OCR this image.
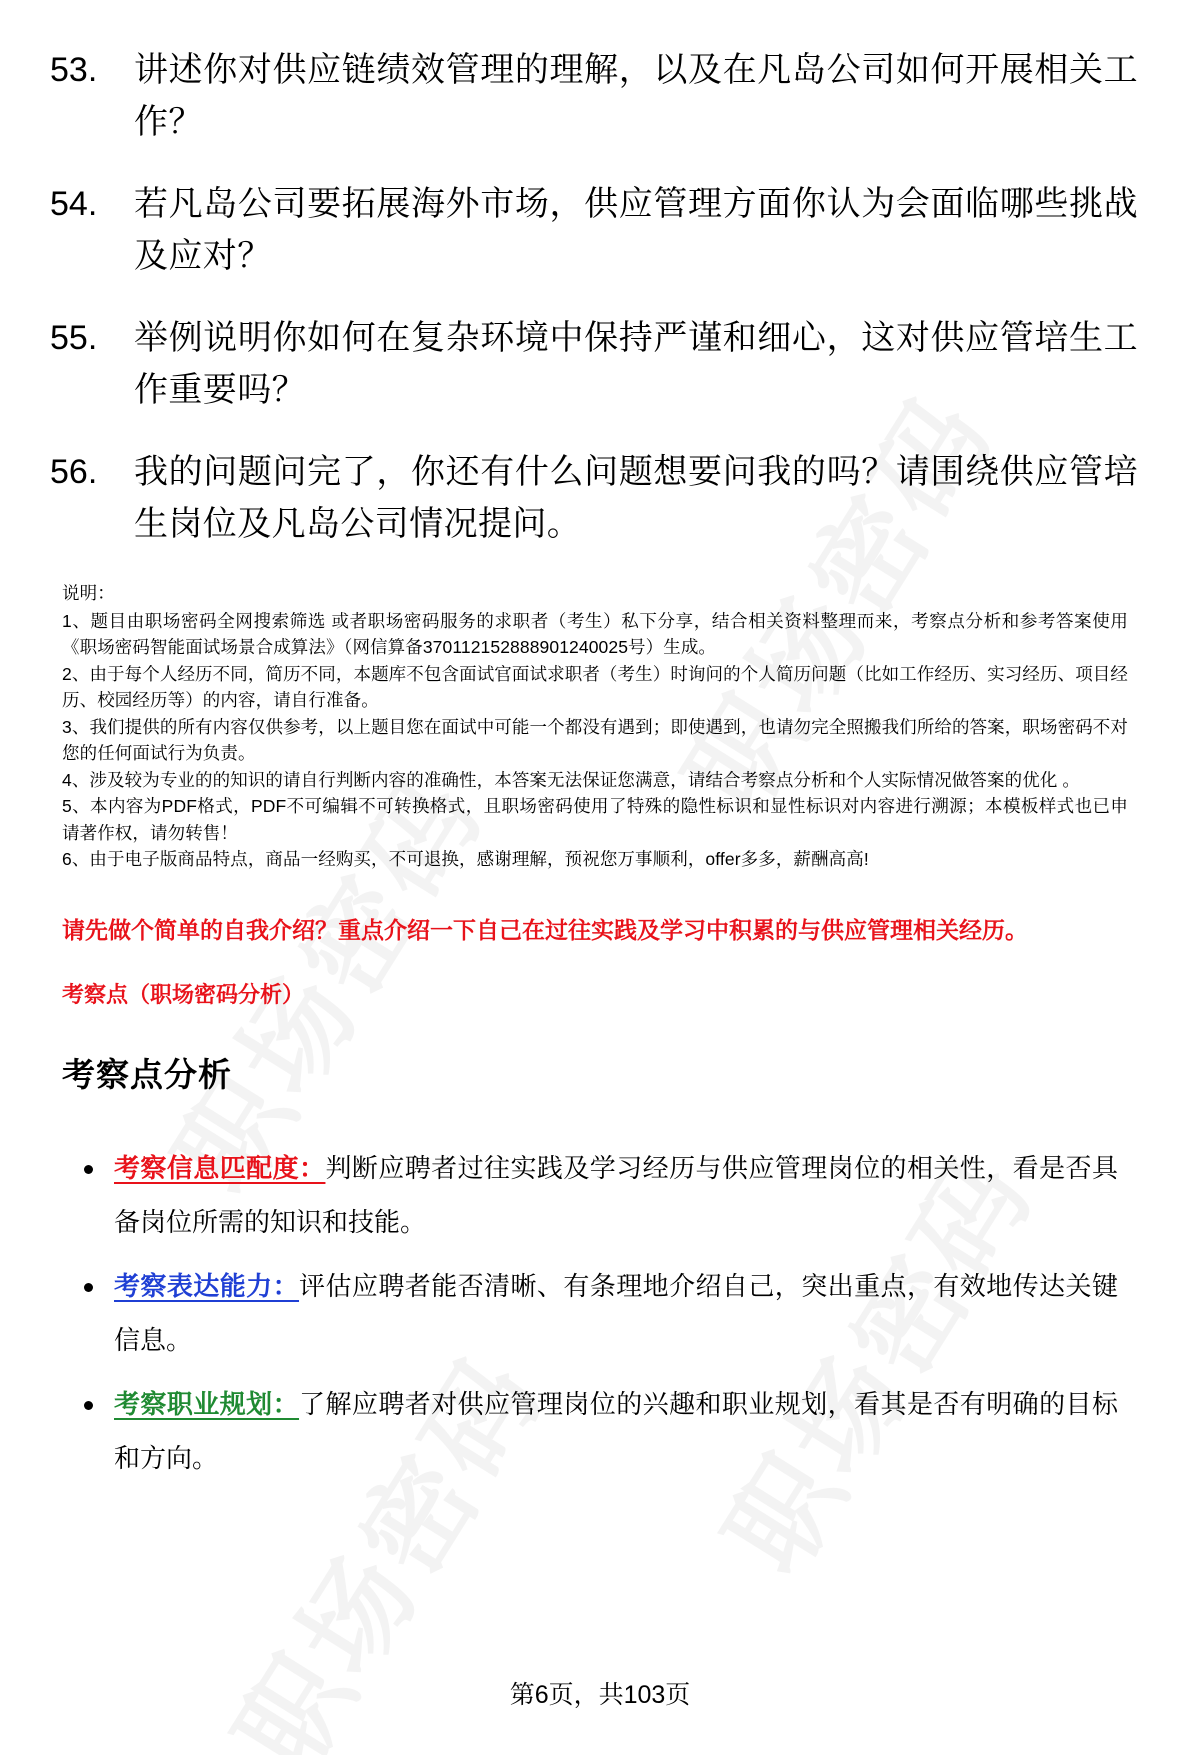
53.	讲述你对供应链绩效管理的理解，以及在凡岛公司如何开展相关工作？
54.	若凡岛公司要拓展海外市场，供应管理方面你认为会面临哪些挑战及应对？
55.	举例说明你如何在复杂环境中保持严谨和细心，这对供应管培生工作重要吗？
56.	我的问题问完了，你还有什么问题想要问我的吗？请围绕供应管培生岗位及凡岛公司情况提问。

说明：

1、题目由职场密码全网搜索筛选 或者职场密码服务的求职者（考生）私下分享，结合相关资料整理而来，考察点分析和参考答案使用《职场密码智能面试场景合成算法》（网信算备370112152888901240025号）生成。

2、由于每个人经历不同，简历不同，本题库不包含面试官面试求职者（考生）时询问的个人简历问题（比如工作经历、实习经历、项目经历、校园经历等）的内容，请自行准备。

3、我们提供的所有内容仅供参考，以上题目您在面试中可能一个都没有遇到；即使遇到，也请勿完全照搬我们所给的答案，职场密码不对您的任何面试行为负责。

4、涉及较为专业的的知识的请自行判断内容的准确性，本答案无法保证您满意，请结合考察点分析和个人实际情况做答案的优化 。

5、本内容为PDF格式，PDF不可编辑不可转换格式，且职场密码使用了特殊的隐性标识和显性标识对内容进行溯源；本模板样式也已申请著作权，请勿转售！

6、由于电子版商品特点，商品一经购买，不可退换，感谢理解，预祝您万事顺利，offer多多，薪酬高高!

请先做个简单的自我介绍？重点介绍一下自己在过往实践及学习中积累的与供应管理相关经历。
考察点（职场密码分析）
考察点分析
考察信息匹配度：判断应聘者过往实践及学习经历与供应管理岗位的相关性，看是否具备岗位所需的知识和技能。
考察表达能力：评估应聘者能否清晰、有条理地介绍自己，突出重点，有效地传达关键信息。
考察职业规划：了解应聘者对供应管理岗位的兴趣和职业规划，看其是否有明确的目标和方向。
第6页，共103页
